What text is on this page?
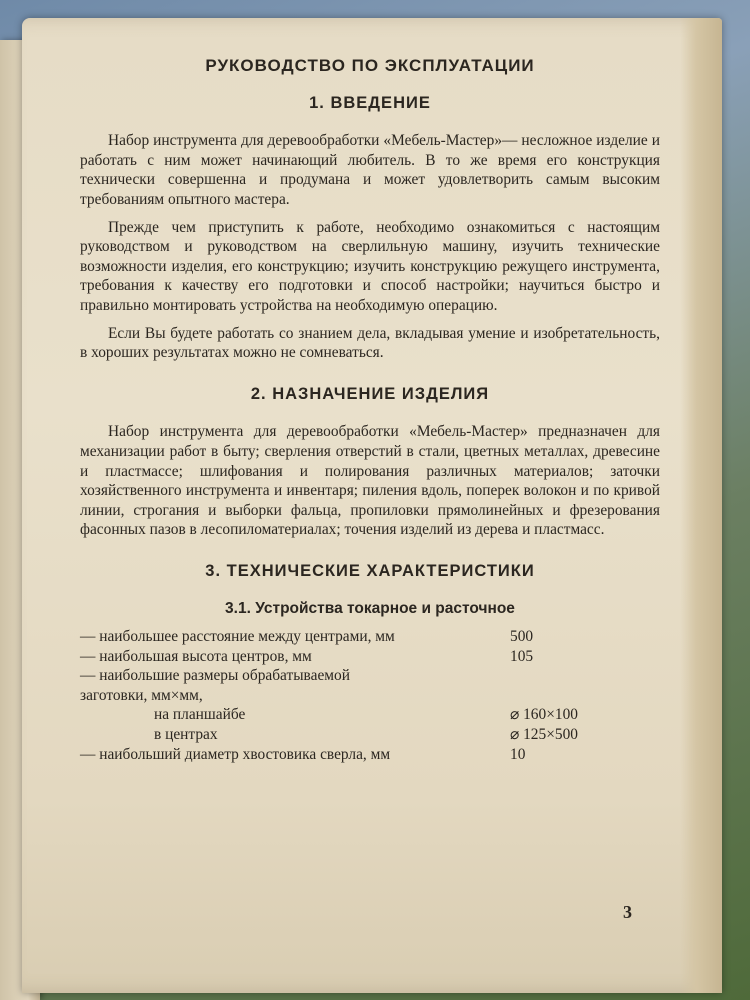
РУКОВОДСТВО ПО ЭКСПЛУАТАЦИИ
1. ВВЕДЕНИЕ

Набор инструмента для деревообработки «Мебель-Мастер»— несложное изделие и работать с ним может начинающий любитель. В то же время его конструкция технически совершенна и продумана и может удовлетворить самым высоким требованиям опытного мастера.

Прежде чем приступить к работе, необходимо ознакомиться с настоящим руководством и руководством на сверлильную машину, изучить технические возможности изделия, его конструкцию; изучить конструкцию режущего инструмента, требования к качеству его подготовки и способ настройки; научиться быстро и правильно монтировать устройства на необходимую операцию.

Если Вы будете работать со знанием дела, вкладывая умение и изобретательность, в хороших результатах можно не сомневаться.

2. НАЗНАЧЕНИЕ ИЗДЕЛИЯ

Набор инструмента для деревообработки «Мебель-Мастер» предназначен для механизации работ в быту; сверления отверстий в стали, цветных металлах, древесине и пластмассе; шлифования и полирования различных материалов; заточки хозяйственного инструмента и инвентаря; пиления вдоль, поперек волокон и по кривой линии, строгания и выборки фальца, пропиловки прямолинейных и фрезерования фасонных пазов в лесопиломатериалах; точения изделий из дерева и пластмасс.

3. ТЕХНИЧЕСКИЕ ХАРАКТЕРИСТИКИ
3.1. Устройства токарное и расточное
— наибольшее расстояние между центрами, мм	500
— наибольшая высота центров, мм	105
— наибольшие размеры обрабатываемой заготовки, мм×мм,
на планшайбе	⌀ 160×100
в центрах	⌀ 125×500
— наибольший диаметр хвостовика сверла, мм	10
3
